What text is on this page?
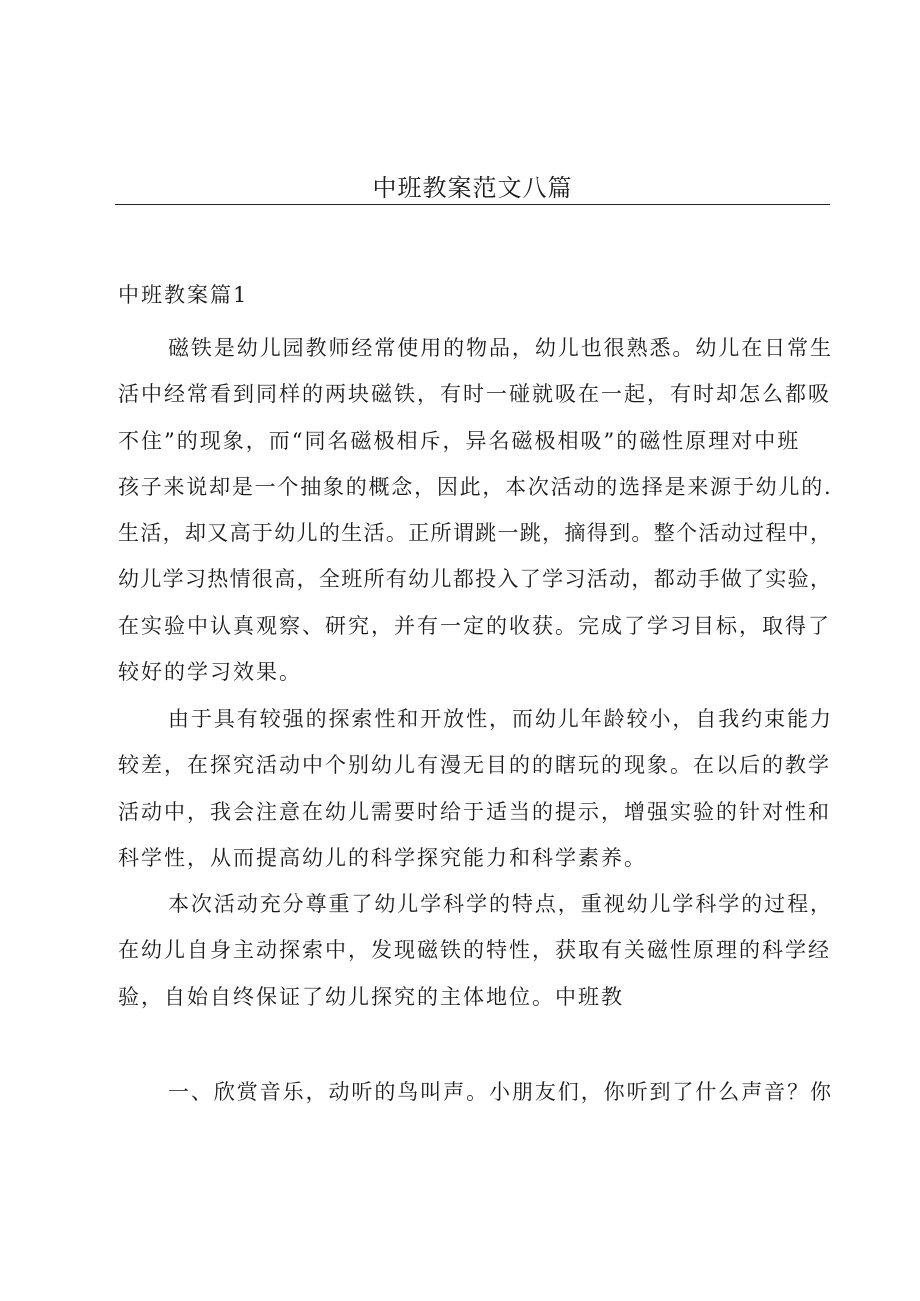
中班教案范文八篇
中班教案篇1
磁铁是幼儿园教师经常使用的物品，幼儿也很熟悉。幼儿在日常生
活中经常看到同样的两块磁铁，有时一碰就吸在一起，有时却怎么都吸
不住”的现象，而“同名磁极相斥，异名磁极相吸”的磁性原理对中班
孩子来说却是一个抽象的概念，因此，本次活动的选择是来源于幼儿的.
生活，却又高于幼儿的生活。正所谓跳一跳，摘得到。整个活动过程中，
幼儿学习热情很高，全班所有幼儿都投入了学习活动，都动手做了实验，
在实验中认真观察、研究，并有一定的收获。完成了学习目标，取得了
较好的学习效果。
由于具有较强的探索性和开放性，而幼儿年龄较小，自我约束能力
较差，在探究活动中个别幼儿有漫无目的的瞎玩的现象。在以后的教学
活动中，我会注意在幼儿需要时给于适当的提示，增强实验的针对性和
科学性，从而提高幼儿的科学探究能力和科学素养。
本次活动充分尊重了幼儿学科学的特点，重视幼儿学科学的过程，
在幼儿自身主动探索中，发现磁铁的特性，获取有关磁性原理的科学经
验，自始自终保证了幼儿探究的主体地位。中班教
一、欣赏音乐，动听的鸟叫声。小朋友们，你听到了什么声音？你
